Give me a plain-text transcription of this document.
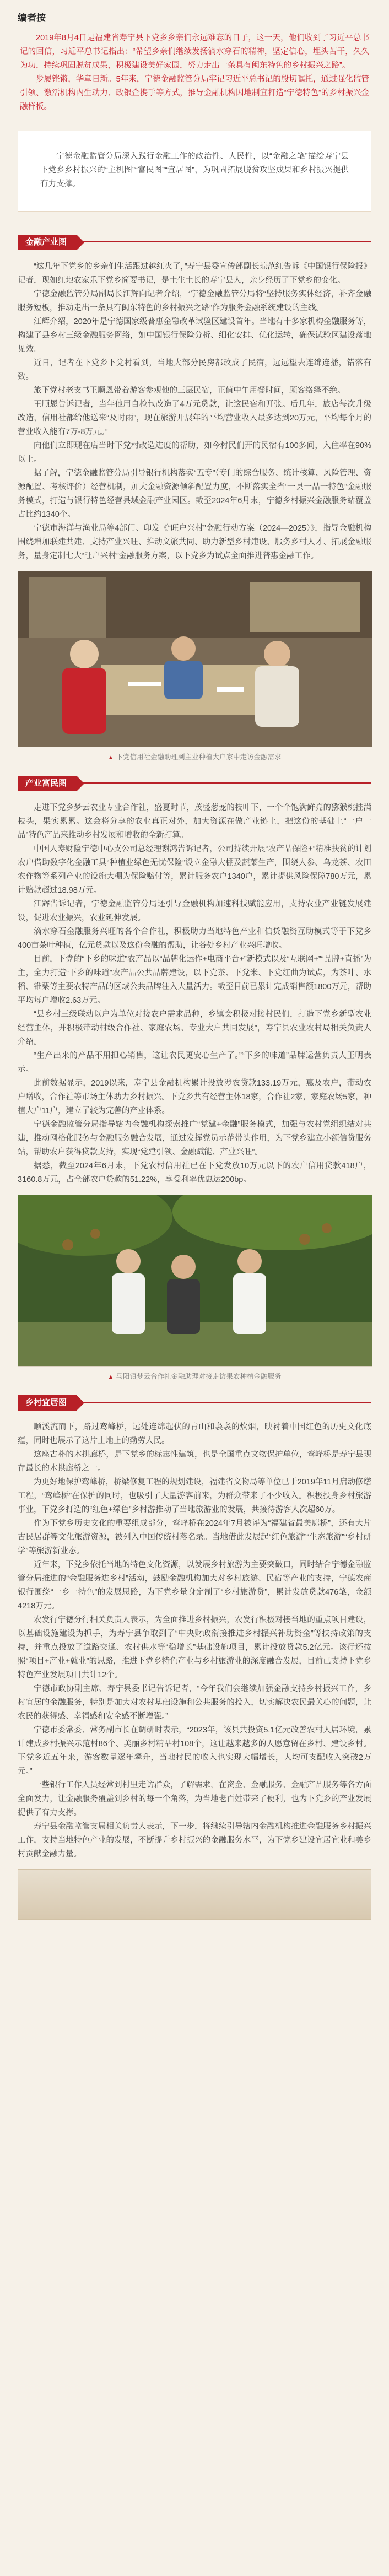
编者按

2019年8月4日是福建省寿宁县下党乡乡亲们永远难忘的日子，这一天，他们收到了习近平总书记的回信，习近平总书记指出：“希望乡亲们继续发扬滴水穿石的精神，坚定信心，埋头苦干，久久为功，持续巩固脱贫成果，积极建设美好家园，努力走出一条具有闽东特色的乡村振兴之路”。

步履铿锵，华章日新。5年来，宁德金融监管分局牢记习近平总书记的殷切嘱托，通过强化监管引领、激活机构内生动力、政银企携手等方式，推导金融机构因地制宜打造“宁德特色”的乡村振兴金融样板。

宁德金融监管分局深入践行金融工作的政治性、人民性，以“金融之笔”描绘寿宁县下党乡乡村振兴的“主机图”“富民图”“宜居图”，为巩固拓展脱贫攻坚成果和乡村振兴提供有力支撑。

金融产业图

“这几年下党乡的乡亲们生活跟过越红火了，”寿宁县委宣传部副长琼范红告诉《中国银行保险报》记者，现如红地农家乐下党乡简要书记，是土生土长的寿宁县人，亲身经历了下党乡的变化。

宁德金融监管分局副局长江辉向记者介绍，“宁德金融监管分局将“坚持服务实体经济，补齐金融服务短板，推动走出一条具有闽东特色的乡村振兴之路”作为服务金融系统建设的主线。

江辉介绍，2020年是宁德国家级普惠金融改革试验区建设首年。当地有十多家机构金融服务等，构建了县乡村三级金融服务网络，如中国银行保险分析、细化安排、优化运转，确保试验区建设落地见效。

近日，记者在下党乡下党村看到，当地大部分民房都改成了民宿，远远望去连绵连播，错落有致。

旅下党村老支书王顺恩带着游客参观他的三层民宿，正值中午用餐时间，顾客络绎不绝。

王顺恩告诉记者，当年他用自检包改造了4万元贷款，让这民宿和开张。后几年，旅店每次升级改造，信用社都给他送来“及时雨”，现在旅游开展年的平均营业收入最多达到20万元，平均每个月的营业收入能有7万-8万元。”

向他们立即现在店当时下党村改造进度的帮助，如今村民们开的民宿有100多间，入住率在90%以上。

据了解，宁德金融监管分局引导银行机构落实“五专”（专门的综合服务、统计核算、风险管理、资源配置、考核评价）经营机制，加大金融资源倾斜配置力度，不断落实全省“一县一品一特色”金融服务模式，打造与银行特色经营县域金融产业园区。截至2024年6月末，宁德乡村振兴金融服务站覆盖占比约1340个。

宁德市海洋与渔业局等4部门、印发《“旺户兴村”金融行动方案（2024—2025）》，指导金融机构围绕增加联建共建、支持产业兴旺、推动文旅共同、助力新型乡村建设、服务乡村人才、拓展金融服务，量身定制七大“旺户兴村”金融服务方案，以下党乡为试点全面推进普惠金融工作。

▲ 下党信用社金融助理到主业种植大户家中走访金融需求
产业富民图

走进下党乡梦云农业专业合作社，盛夏时节，茂盛葱茏的枝叶下，一个个饱满鲜亮的猕猴桃挂满枝头，果实累累。这会将分享的农业真正对外，加大资源在做产业链上，把这份的基础上“一户一品”特色产品来推动乡村发展和增收的全新打算。

中国人寿财险宁德中心支公司总经理谢鸿告诉记者，公司持续开展“农产品保险+”精准扶贫的计划农户借助数字化金融工具“种植业绿色无忧保险”设立金融大棚及蔬菜生产，围绕人参、乌龙茶、农田农作物等系列产业的设施大棚为保险赔付等，累计服务农户1340户，累计提供风险保障780万元，累计赔款超过18.98万元。

江辉告诉记者，宁德金融监管分局还引导金融机构加速科技赋能应用，支持农业产业链发展建设，促进农业振兴，农业延伸发展。

滴水穿石金融服务兴旺的各个合作社，积极助力当地特色产业和信贷融资互助模式等于下党乡400亩茶叶种植，亿元贷款以及这份金融的帮助，让各处乡村产业兴旺增收。

目前，下党的“下乡的味道”农产品以“品牌化运作+电商平台+”新模式以及“互联网+”“品牌+直播”为主，全力打造“下乡的味道”农产品公共品牌建设，以下党茶、下党米、下党红曲为试点，为茶叶、水稻、锥栗等主要农特产品的区域公共品牌注入大量活力。截至目前已累计完成销售额1800万元，帮助平均每户增收2.63万元。

“县乡村三级联动以户为单位对接农户需求品种，乡镇会积极对接村民们，打造下党乡新型农业经营主体，并积极带动村级合作社、家庭农场、专业大户共同发展”，寿宁县农业农村局相关负责人介绍。

“生产出来的产品不用担心销售，这让农民更安心生产了。”“下乡的味道”品牌运营负责人王明表示。

此前数据显示，2019以来，寿宁县金融机构累计投放涉农贷款133.19万元，惠及农户，带动农户增收，合作社等市场主体助力乡村振兴。下党乡共有经营主体18家，合作社2家，家庭农场5家，种植大户11户，建立了较为完善的产业体系。

宁德金融监管分局指导辖内金融机构探索推广“党建+金融”服务模式，加强与农村党组织结对共建，推动网格化服务与金融服务融合发展，通过发挥党员示范带头作用，为下党乡建立小额信贷服务站，帮助农户获得贷款支持，实现“党建引领、金融赋能、产业兴旺”。

据悉，截至2024年6月末，下党农村信用社已在下党发放10万元以下的农户信用贷款418户，3160.8万元，占全部农户贷款的51.22%，享受利率优惠达200bp。

▲ 马阳镇梦云合作社金融助理对接走访果农种植金融服务
乡村宜居图

顺溪流而下，路过鸾峰桥，远处连绵起伏的青山和袅袅的炊烟，映衬着中国红色的历史文化底蕴，同时也展示了这片土地上的勤劳人民。

这座古朴的木拱廊桥，是下党乡的标志性建筑，也是全国重点文物保护单位，鸾峰桥是寿宁县现存最长的木拱廊桥之一。

为更好地保护鸾峰桥，桥梁修复工程的规划建设，福建省文物局等单位已于2019年11月启动修缮工程，“鸾峰桥”在保护的同时，也吸引了大量游客前来，为群众带来了不少收入。积极投身乡村旅游事业，下党乡打造的“红色+绿色”乡村游推动了当地旅游业的发展，共接待游客人次超60万。

作为下党乡历史文化的重要组成部分，鸾峰桥在2024年7月被评为“福建省最美廊桥”，还有大片古民居群等文化旅游资源，被列入中国传统村落名录。当地借此发展起“红色旅游”“生态旅游”“乡村研学”等旅游新业态。

近年来，下党乡依托当地的特色文化资源，以发展乡村旅游为主要突破口，同时结合宁德金融监管分局推进的“金融服务进乡村”活动，鼓励金融机构加大对乡村旅游、民宿等产业的支持，宁德农商银行围绕“一乡一特色”的发展思路，为下党乡量身定制了“乡村旅游贷”，累计发放贷款476笔，金额4218万元。

农发行宁德分行相关负责人表示，为全面推进乡村振兴，农发行积极对接当地的重点项目建设，以基础设施建设为抓手，为寿宁县争取到了“中央财政衔接推进乡村振兴补助资金”等扶持政策的支持，并重点投放了道路交通、农村供水等“稳增长”基础设施项目，累计投放贷款5.2亿元。该行还按照“项目+产业+就业”的思路，推进下党乡特色产业与乡村旅游业的深度融合发展，目前已支持下党乡特色产业发展项目共计12个。

宁德市政协副主席、寿宁县委书记告诉记者，“今年我们会继续加强金融支持乡村振兴工作，乡村宜居的金融服务，特别是加大对农村基础设施和公共服务的投入，切实解决农民最关心的问题，让农民的获得感、幸福感和安全感不断增强。”

宁德市委常委、常务副市长在调研时表示，“2023年，该县共投资5.1亿元改善农村人居环境，累计建成乡村振兴示范村86个、美丽乡村精品村108个，这让越来越多的人愿意留在乡村、建设乡村。下党乡近五年来，游客数量逐年攀升，当地村民的收入也实现大幅增长，人均可支配收入突破2万元。”

一些银行工作人员经常到村里走访群众，了解需求，在资金、金融服务、金融产品服务等各方面全面发力，让金融服务覆盖到乡村的每一个角落，为当地老百姓带来了便利，也为下党乡的产业发展提供了有力支撑。

寿宁县金融监管支局相关负责人表示，下一步，将继续引导辖内金融机构推进金融服务乡村振兴工作，支持当地特色产业的发展，不断提升乡村振兴的金融服务水平，为下党乡建设宜居宜业和美乡村贡献金融力量。
